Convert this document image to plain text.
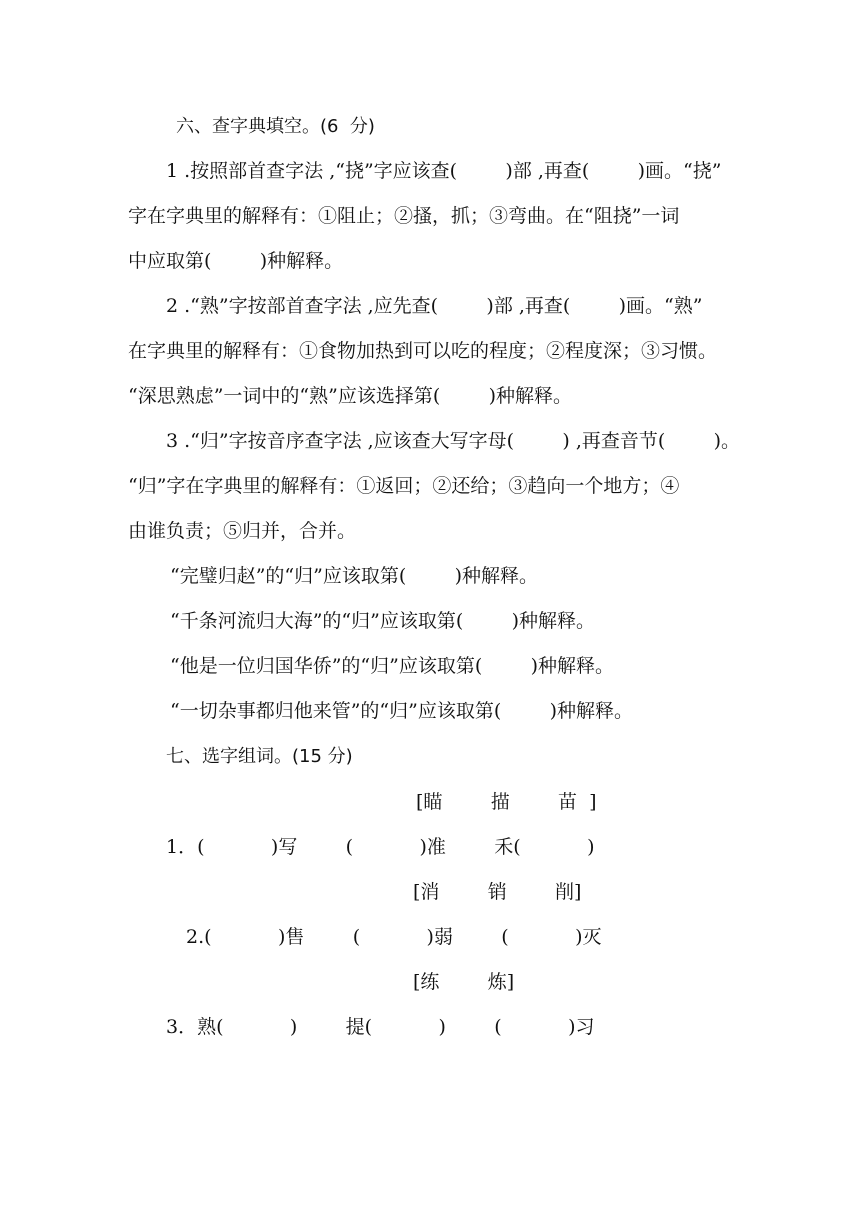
六、查字典填空。(6  分)
1 .按照部首查字法 ,“挠”字应该查(        )部 ,再查(        )画。“挠”
字在字典里的解释有：①阻止；②搔，抓；③弯曲。在“阻挠”一词
中应取第(        )种解释。
2 .“熟”字按部首查字法 ,应先查(        )部 ,再查(        )画。“熟”
在字典里的解释有：①食物加热到可以吃的程度；②程度深；③习惯。
“深思熟虑”一词中的“熟”应该选择第(        )种解释。
3 .“归”字按音序查字法 ,应该查大写字母(        ) ,再查音节(        )。
“归”字在字典里的解释有：①返回；②还给；③趋向一个地方；④
由谁负责；⑤归并，合并。
“完璧归赵”的“归”应该取第(        )种解释。
“千条河流归大海”的“归”应该取第(        )种解释。
“他是一位归国华侨”的“归”应该取第(        )种解释。
“一切杂事都归他来管”的“归”应该取第(        )种解释。
七、选字组词。(15 分)
[瞄        描        苗  ]
1．(           )写        (           )准        禾(           )
[消        销        削]
2.(           )售        (           )弱        (           )灭
[练        炼]
3．熟(           )        提(           )        (           )习
